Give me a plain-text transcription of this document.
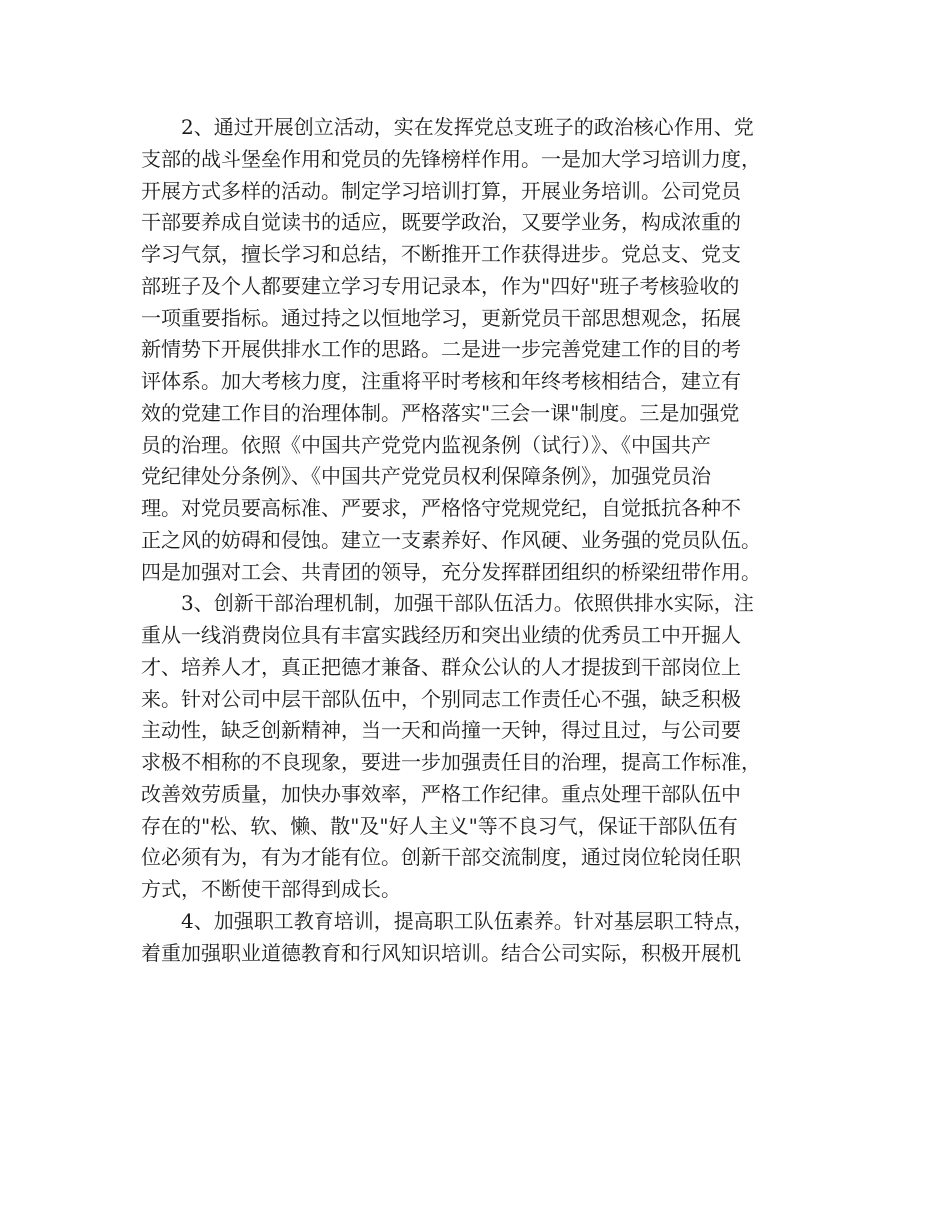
2、通过开展创立活动，实在发挥党总支班子的政治核心作用、党
支部的战斗堡垒作用和党员的先锋榜样作用。一是加大学习培训力度，
开展方式多样的活动。制定学习培训打算，开展业务培训。公司党员
干部要养成自觉读书的适应，既要学政治，又要学业务，构成浓重的
学习气氛，擅长学习和总结，不断推开工作获得进步。党总支、党支
部班子及个人都要建立学习专用记录本，作为"四好"班子考核验收的
一项重要指标。通过持之以恒地学习，更新党员干部思想观念，拓展
新情势下开展供排水工作的思路。二是进一步完善党建工作的目的考
评体系。加大考核力度，注重将平时考核和年终考核相结合，建立有
效的党建工作目的治理体制。严格落实"三会一课"制度。三是加强党
员的治理。依照《中国共产党党内监视条例（试行）》、《中国共产
党纪律处分条例》、《中国共产党党员权利保障条例》，加强党员治
理。对党员要高标准、严要求，严格恪守党规党纪，自觉抵抗各种不
正之风的妨碍和侵蚀。建立一支素养好、作风硬、业务强的党员队伍。
四是加强对工会、共青团的领导，充分发挥群团组织的桥梁纽带作用。
3、创新干部治理机制，加强干部队伍活力。依照供排水实际，注
重从一线消费岗位具有丰富实践经历和突出业绩的优秀员工中开掘人
才、培养人才，真正把德才兼备、群众公认的人才提拔到干部岗位上
来。针对公司中层干部队伍中，个别同志工作责任心不强，缺乏积极
主动性，缺乏创新精神，当一天和尚撞一天钟，得过且过，与公司要
求极不相称的不良现象，要进一步加强责任目的治理，提高工作标准，
改善效劳质量，加快办事效率，严格工作纪律。重点处理干部队伍中
存在的"松、软、懒、散"及"好人主义"等不良习气，保证干部队伍有
位必须有为，有为才能有位。创新干部交流制度，通过岗位轮岗任职
方式，不断使干部得到成长。
4、加强职工教育培训，提高职工队伍素养。针对基层职工特点，
着重加强职业道德教育和行风知识培训。结合公司实际，积极开展机
